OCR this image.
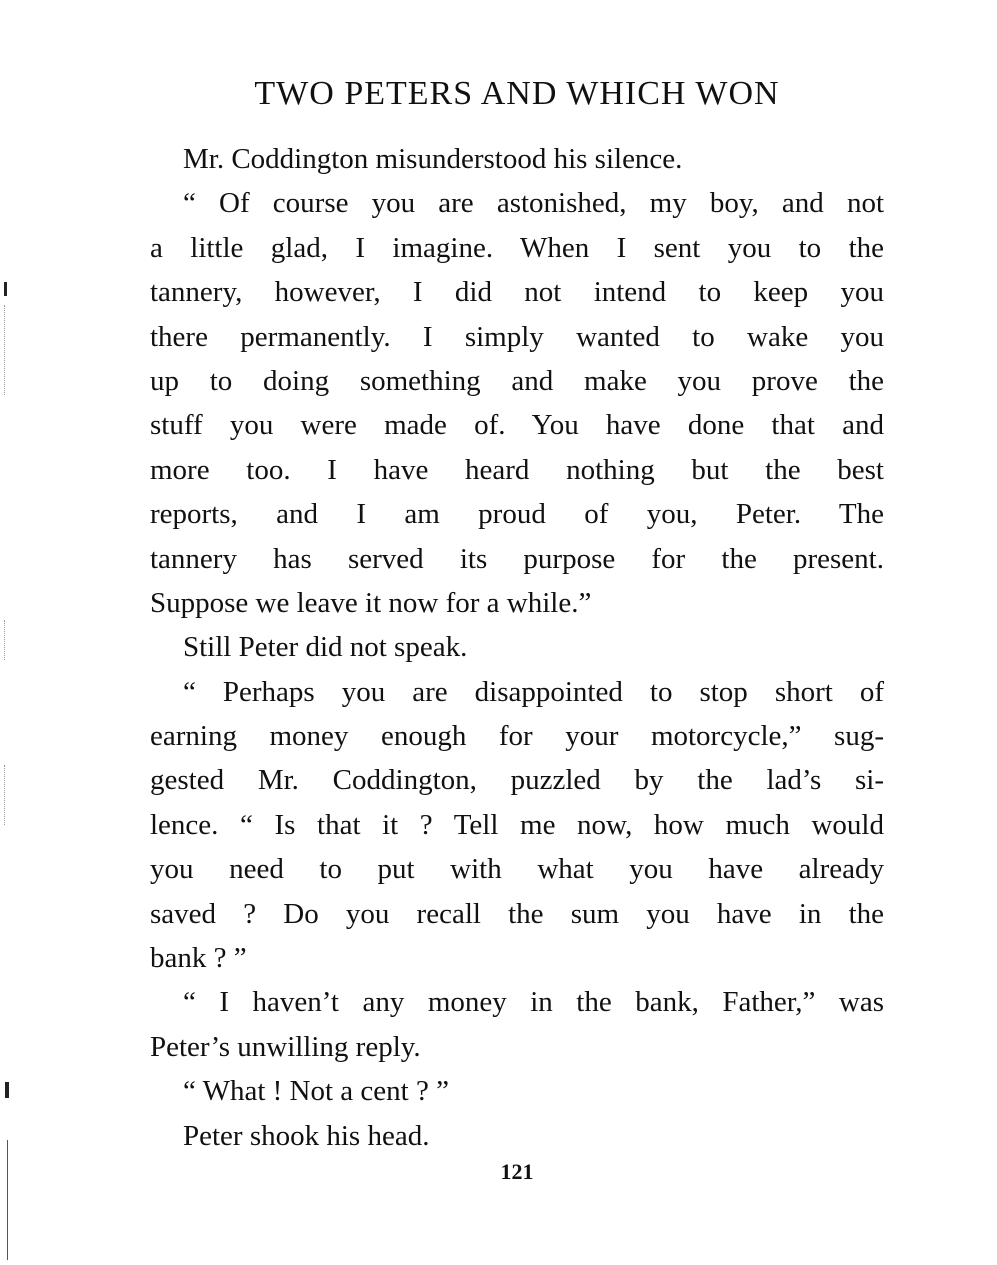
TWO PETERS AND WHICH WON
Mr. Coddington misunderstood his silence.
“ Of course you are astonished, my boy, and not
a little glad, I imagine. When I sent you to the
tannery, however, I did not intend to keep you
there permanently. I simply wanted to wake you
up to doing something and make you prove the
stuff you were made of. You have done that and
more too. I have heard nothing but the best
reports, and I am proud of you, Peter. The
tannery has served its purpose for the present.
Suppose we leave it now for a while.”
Still Peter did not speak.
“ Perhaps you are disappointed to stop short of
earning money enough for your motorcycle,” sug-
gested Mr. Coddington, puzzled by the lad’s si-
lence. “ Is that it ? Tell me now, how much would
you need to put with what you have already
saved ? Do you recall the sum you have in the
bank ? ”
“ I haven’t any money in the bank, Father,” was
Peter’s unwilling reply.
“ What ! Not a cent ? ”
Peter shook his head.
121
